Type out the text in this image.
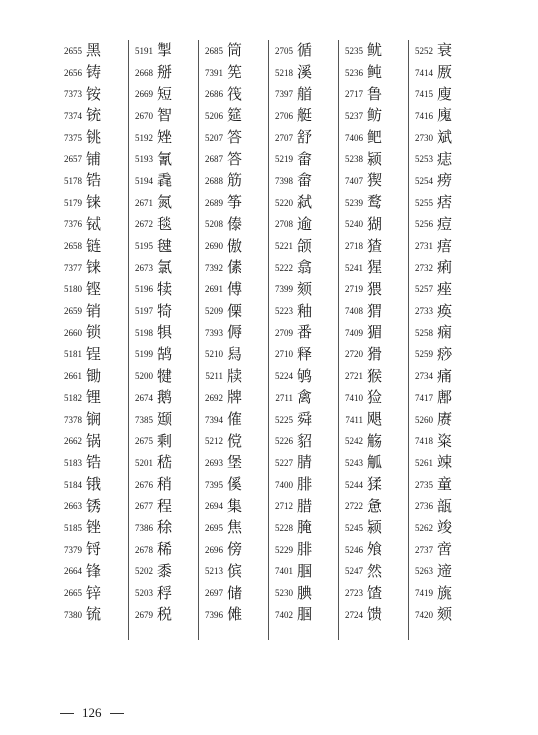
2655 黑
2656 铸
7373 铵
7374 铳
7375 铫
2657 铺
5178 锆
5179 铼
7376 铽
2658 链
7377 铼
5180 铿
2659 销
2660 锁
5181 锃
2661 锄
5182 锂
7378 锎
2662 锅
5183 锆
5184 锇
2663 锈
5185 锉
7379 锊
2664 锋
2665 锌
7380 锍
5191 掣
2668 掰
2669 短
2670 智
5192 矬
5193 氰
5194 毳
2671 氮
2672 毯
5195 毽
2673 氯
5196 犊
5197 犄
5198 犋
5199 鹄
5200 犍
2674 鹅
7385 颋
2675 剩
5201 嵇
2676 稍
2677 程
7386 稌
2678 稀
5202 黍
5203 稃
2679 税
2685 筒
7391 筅
2686 筏
5206 筵
5207 答
2687 答
2688 筋
2689 筝
5208 傣
2690 傲
7392 傃
2691 傅
5209 傈
7393 傉
5210 舄
5211 牍
2692 牌
7394 傕
5212 傥
2693 堡
7395 傒
2694 集
2695 焦
2696 傍
5213 傧
2697 储
7396 傩
2705 循
5218 溪
7397 艏
2706 艇
2707 舒
5219 畲
7398 畲
5220 弑
2708 逾
5221 颌
5222 翕
7399 颏
5223 釉
2709 番
2710 释
5224 鸲
2711 禽
5225 舜
5226 貂
5227 腈
7400 腓
2712 腊
5228 腌
5229 腓
7401 腘
5230 腆
7402 腘
5235 鱿
5236 鲀
2717 鲁
5237 鲂
7406 鲃
5238 颍
7407 猰
5239 鹜
5240 猢
2718 猹
5241 猩
2719 猥
7408 猬
7409 猸
2720 猾
2721 猴
7410 猃
7411 飓
5242 觞
5243 觚
5244 猱
2722 惫
5245 颍
5246 飧
5247 然
2723 馇
2724 馈
5252 衰
7414 厫
7415 廋
7416 廆
2730 斌
5253 痣
5254 痨
5255 痞
5256 痘
2731 痦
2732 痢
5257 痤
2733 痪
5258 痫
5259 痧
2734 痛
7417 鄌
5260 赓
7418 粢
5261 竦
2735 童
2736 瓿
5262 竣
2737 啻
5263 遆
7419 旐
7420 颏
126
